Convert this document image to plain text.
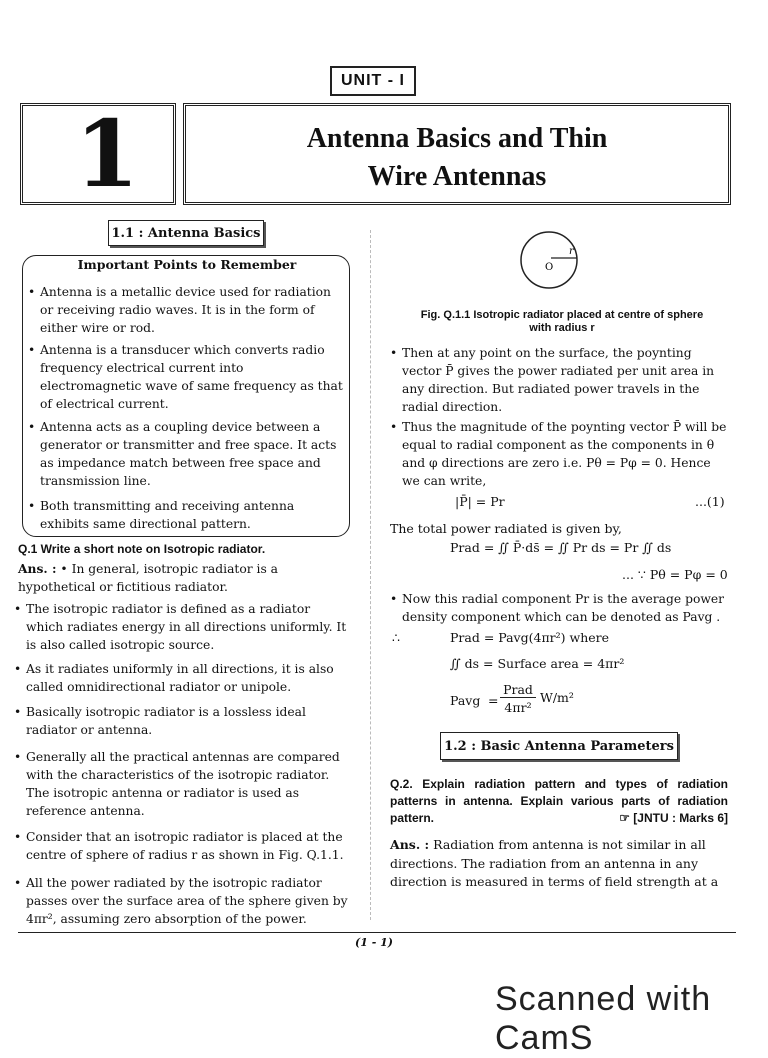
UNIT - I
1	Antenna Basics and Thin
Wire Antennas
1.1 : Antenna Basics
Important Points to Remember
• Antenna is a metallic device used for radiation or receiving radio waves. It is in the form of either wire or rod.
• Antenna is a transducer which converts radio frequency electrical current into electromagnetic wave of same frequency as that of electrical current.
• Antenna acts as a coupling device between a generator or transmitter and free space. It acts as impedance match between free space and transmission line.
• Both transmitting and receiving antenna exhibits same directional pattern.
Q.1 Write a short note on Isotropic radiator.
Ans. : • In general, isotropic radiator is a hypothetical or fictitious radiator.
• The isotropic radiator is defined as a radiator which radiates energy in all directions uniformly. It is also called isotropic source.
• As it radiates uniformly in all directions, it is also called omnidirectional radiator or unipole.
• Basically isotropic radiator is a lossless ideal radiator or antenna.
• Generally all the practical antennas are compared with the characteristics of the isotropic radiator. The isotropic antenna or radiator is used as reference antenna.
• Consider that an isotropic radiator is placed at the centre of sphere of radius r as shown in Fig. Q.1.1.
• All the power radiated by the isotropic radiator passes over the surface area of the sphere given by 4πr², assuming zero absorption of the power.
r
O
Fig. Q.1.1 Isotropic radiator placed at centre of sphere
with radius r
• Then at any point on the surface, the poynting vector P̄ gives the power radiated per unit area in any direction. But radiated power travels in the radial direction.
• Thus the magnitude of the poynting vector P̄ will be equal to radial component as the components in θ and φ directions are zero i.e. Pθ = Pφ = 0. Hence we can write,
|P̄| = Pr	...(1)
The total power radiated is given by,
Prad = ∬ P̄·ds̄ = ∬ Pr ds = Pr ∬ ds
... ∵ Pθ = Pφ = 0
• Now this radial component Pr is the average power density component which can be denoted as Pavg .
∴	Prad = Pavg(4πr²) where
∬ ds = Surface area = 4πr²
Pavg =
Prad
4πr²
W/m²
1.2 : Basic Antenna Parameters
Q.2. Explain radiation pattern and types of radiation patterns in antenna. Explain various parts of radiation pattern.	☞ [JNTU : Marks 6]
Ans. : Radiation from antenna is not similar in all directions. The radiation from an antenna in any direction is measured in terms of field strength at a
(1 - 1)
Scanned with CamS
